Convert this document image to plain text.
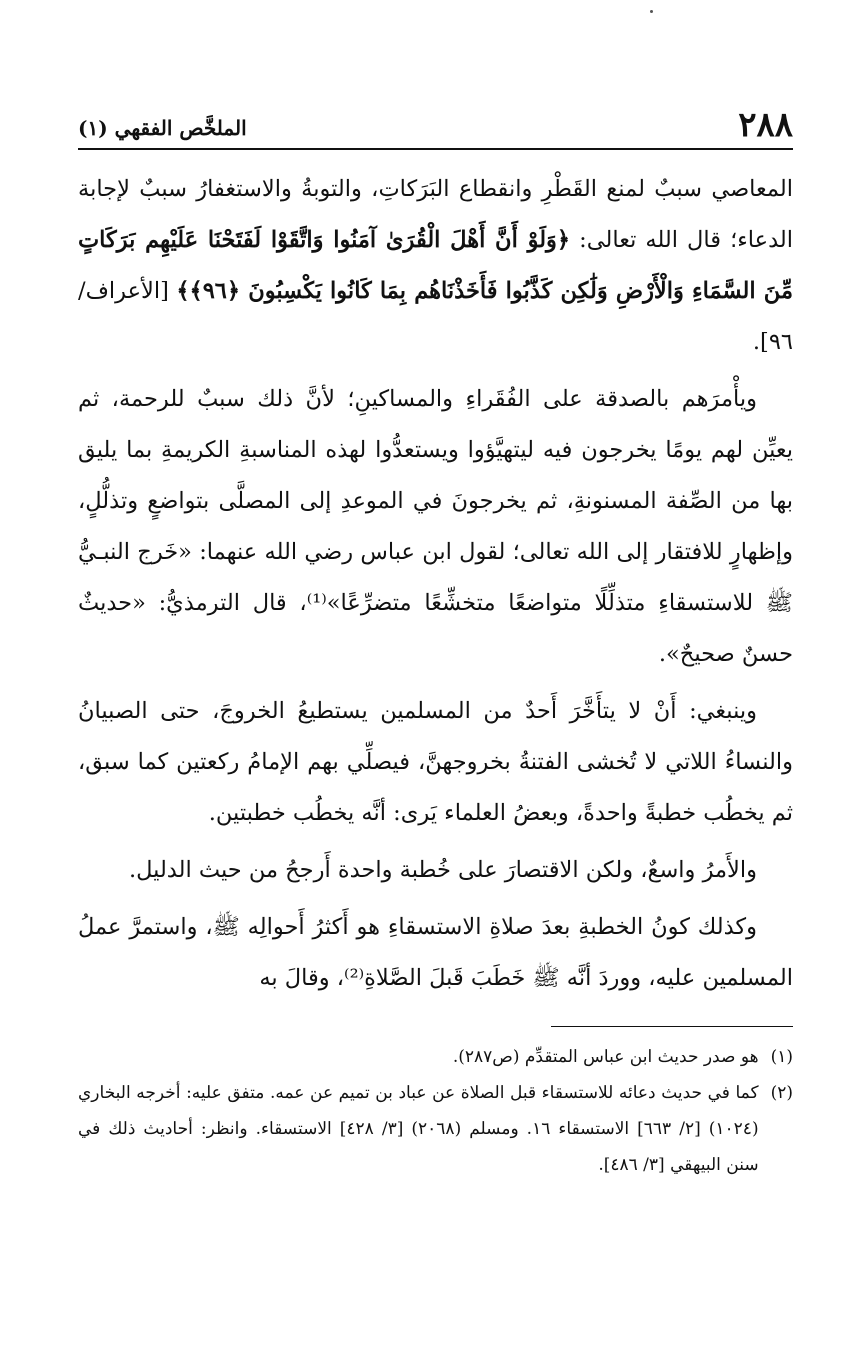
٢٨٨
الملخَّص الفقهي (١)

المعاصي سببٌ لمنع القَطْرِ وانقطاع البَرَكاتِ، والتوبةُ والاستغفارُ سببٌ لإجابة الدعاء؛ قال الله تعالى: ﴿وَلَوْ أَنَّ أَهْلَ الْقُرَىٰ آمَنُوا وَاتَّقَوْا لَفَتَحْنَا عَلَيْهِم بَرَكَاتٍ مِّنَ السَّمَاءِ وَالْأَرْضِ وَلَٰكِن كَذَّبُوا فَأَخَذْنَاهُم بِمَا كَانُوا يَكْسِبُونَ ﴿٩٦﴾﴾ [الأعراف/ ٩٦].

ويأْمرَهم بالصدقة على الفُقَراءِ والمساكينِ؛ لأنَّ ذلك سببٌ للرحمة، ثم يعيِّن لهم يومًا يخرجون فيه ليتهيَّؤوا ويستعدُّوا لهذه المناسبةِ الكريمةِ بما يليق بها من الصِّفة المسنونةِ، ثم يخرجونَ في الموعدِ إلى المصلَّى بتواضعٍ وتذلُّلٍ، وإظهارٍ للافتقار إلى الله تعالى؛ لقول ابن عباس رضي الله عنهما: «خَرج النبـيُّ ﷺ للاستسقاءِ متذلِّلًا متواضعًا متخشِّعًا متضرِّعًا»⁽¹⁾، قال الترمذيُّ: «حديثٌ حسنٌ صحيحٌ».

وينبغي: أَنْ لا يتأَخَّرَ أَحدٌ من المسلمين يستطيعُ الخروجَ، حتى الصبيانُ والنساءُ اللاتي لا تُخشى الفتنةُ بخروجهنَّ، فيصلِّي بهم الإمامُ ركعتين كما سبق، ثم يخطُب خطبةً واحدةً، وبعضُ العلماء يَرى: أنَّه يخطُب خطبتين.

والأَمرُ واسعٌ، ولكن الاقتصارَ على خُطبة واحدة أَرجحُ من حيث الدليل.

وكذلك كونُ الخطبةِ بعدَ صلاةِ الاستسقاءِ هو أَكثرُ أَحوالِه ﷺ، واستمرَّ عملُ المسلمين عليه، ووردَ أنَّه ﷺ خَطَبَ قَبلَ الصَّلاةِ⁽²⁾، وقالَ به

(١)
هو صدر حديث ابن عباس المتقدِّم (ص٢٨٧).
(٢)
كما في حديث دعائه للاستسقاء قبل الصلاة عن عباد بن تميم عن عمه. متفق عليه: أخرجه البخاري (١٠٢٤) [٢/ ٦٦٣] الاستسقاء ١٦. ومسلم (٢٠٦٨) [٣/ ٤٢٨] الاستسقاء. وانظر: أحاديث ذلك في سنن البيهقي [٣/ ٤٨٦].
